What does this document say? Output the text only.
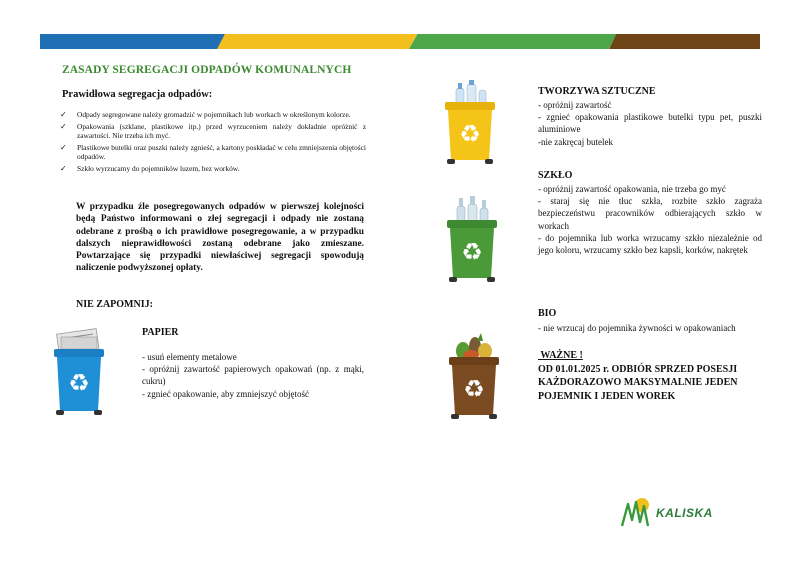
ZASADY SEGREGACJI ODPADÓW KOMUNALNYCH
Prawidłowa segregacja odpadów:
✓ Odpady segregowane należy gromadzić w pojemnikach lub workach w określonym kolorze.
✓ Opakowania (szklane, plastikowe itp.) przed wyrzuceniem należy dokładnie opróżnić z zawartości. Nie trzeba ich myć.
✓ Plastikowe butelki oraz puszki należy zgnieść, a kartony poskładać w celu zmniejszenia objętości odpadów.
✓ Szkło wyrzucamy do pojemników luzem, bez worków.
W przypadku źle posegregowanych odpadów w pierwszej kolejności będą Państwo informowani o złej segregacji i odpady nie zostaną odebrane z prośbą o ich prawidłowe posegregowanie, a w przypadku dalszych nieprawidłowości zostaną odebrane jako zmieszane. Powtarzające się przypadki niewłaściwej segregacji spowodują naliczenie podwyższonej opłaty.
NIE ZAPOMNIJ:
♻
PAPIER
- usuń elementy metalowe
- opróżnij zawartość papierowych opakowań (np. z mąki, cukru)
- zgnieć opakowanie, aby zmniejszyć objętość
♻
TWORZYWA SZTUCZNE
- opróżnij zawartość
- zgnieć opakowania plastikowe butelki typu pet, puszki aluminiowe
-nie zakręcaj butelek
♻
SZKŁO
- opróżnij zawartość opakowania, nie trzeba go myć
- staraj się nie tłuc szkła, rozbite szkło zagraża bezpieczeństwu pracowników odbierających szkło w workach
- do pojemnika lub worka wrzucamy szkło niezależnie od jego koloru, wrzucamy szkło bez kapsli, korków, nakrętek
♻
BIO
- nie wrzucaj do pojemnika żywności w opakowaniach
WAŻNE !
OD 01.01.2025 r. ODBIÓR SPRZED POSESJI KAŻDORAZOWO MAKSYMALNIE JEDEN POJEMNIK I JEDEN WOREK
KALISKA
